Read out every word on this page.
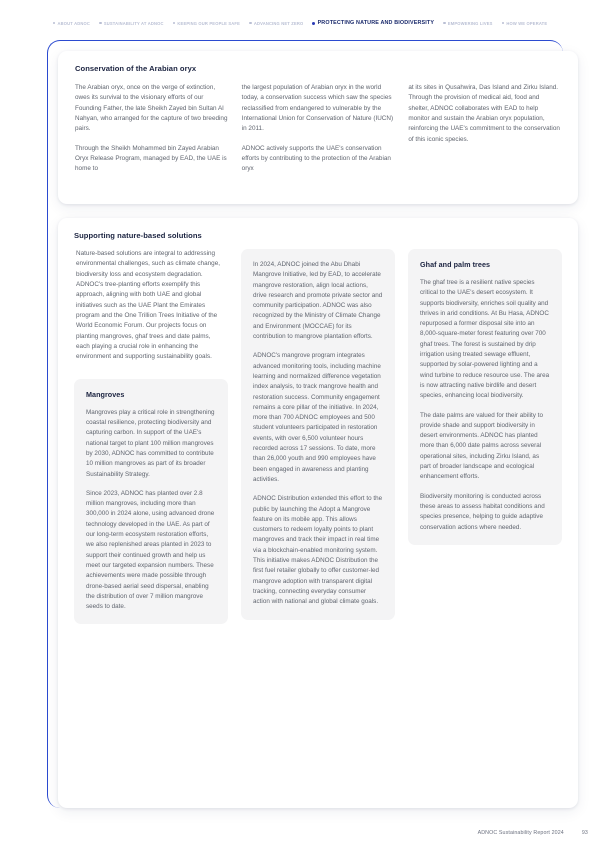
ABOUT ADNOC	SUSTAINABILITY AT ADNOC	KEEPING OUR PEOPLE SAFE	ADVANCING NET ZERO	PROTECTING NATURE AND BIODIVERSITY	EMPOWERING LIVES	HOW WE OPERATE
Conservation of the Arabian oryx

The Arabian oryx, once on the verge of extinction, owes its survival to the visionary efforts of our Founding Father, the late Sheikh Zayed bin Sultan Al Nahyan, who arranged for the capture of two breeding pairs.

Through the Sheikh Mohammed bin Zayed Arabian Oryx Release Program, managed by EAD, the UAE is home to

the largest population of Arabian oryx in the world today, a conservation success which saw the species reclassified from endangered to vulnerable by the International Union for Conservation of Nature (IUCN) in 2011.

ADNOC actively supports the UAE's conservation efforts by contributing to the protection of the Arabian oryx

at its sites in Qusahwira, Das Island and Zirku Island. Through the provision of medical aid, food and shelter, ADNOC collaborates with EAD to help monitor and sustain the Arabian oryx population, reinforcing the UAE's commitment to the conservation of this iconic species.

Supporting nature-based solutions

Nature-based solutions are integral to addressing environmental challenges, such as climate change, biodiversity loss and ecosystem degradation. ADNOC's tree-planting efforts exemplify this approach, aligning with both UAE and global initiatives such as the UAE Plant the Emirates program and the One Trillion Trees Initiative of the World Economic Forum. Our projects focus on planting mangroves, ghaf trees and date palms, each playing a crucial role in enhancing the environment and supporting sustainability goals.

Mangroves

Mangroves play a critical role in strengthening coastal resilience, protecting biodiversity and capturing carbon. In support of the UAE's national target to plant 100 million mangroves by 2030, ADNOC has committed to contribute 10 million mangroves as part of its broader Sustainability Strategy.

Since 2023, ADNOC has planted over 2.8 million mangroves, including more than 300,000 in 2024 alone, using advanced drone technology developed in the UAE. As part of our long-term ecosystem restoration efforts, we also replenished areas planted in 2023 to support their continued growth and help us meet our targeted expansion numbers. These achievements were made possible through drone-based aerial seed dispersal, enabling the distribution of over 7 million mangrove seeds to date.

In 2024, ADNOC joined the Abu Dhabi Mangrove Initiative, led by EAD, to accelerate mangrove restoration, align local actions, drive research and promote private sector and community participation. ADNOC was also recognized by the Ministry of Climate Change and Environment (MOCCAE) for its contribution to mangrove plantation efforts.

ADNOC's mangrove program integrates advanced monitoring tools, including machine learning and normalized difference vegetation index analysis, to track mangrove health and restoration success. Community engagement remains a core pillar of the initiative. In 2024, more than 700 ADNOC employees and 500 student volunteers participated in restoration events, with over 6,500 volunteer hours recorded across 17 sessions. To date, more than 26,000 youth and 990 employees have been engaged in awareness and planting activities.

ADNOC Distribution extended this effort to the public by launching the Adopt a Mangrove feature on its mobile app. This allows customers to redeem loyalty points to plant mangroves and track their impact in real time via a blockchain-enabled monitoring system. This initiative makes ADNOC Distribution the first fuel retailer globally to offer customer-led mangrove adoption with transparent digital tracking, connecting everyday consumer action with national and global climate goals.

Ghaf and palm trees

The ghaf tree is a resilient native species critical to the UAE's desert ecosystem. It supports biodiversity, enriches soil quality and thrives in arid conditions. At Bu Hasa, ADNOC repurposed a former disposal site into an 8,000-square-meter forest featuring over 700 ghaf trees. The forest is sustained by drip irrigation using treated sewage effluent, supported by solar-powered lighting and a wind turbine to reduce resource use. The area is now attracting native birdlife and desert species, enhancing local biodiversity.

The date palms are valued for their ability to provide shade and support biodiversity in desert environments. ADNOC has planted more than 6,000 date palms across several operational sites, including Zirku Island, as part of broader landscape and ecological enhancement efforts.

Biodiversity monitoring is conducted across these areas to assess habitat conditions and species presence, helping to guide adaptive conservation actions where needed.

ADNOC Sustainability Report 2024	93
